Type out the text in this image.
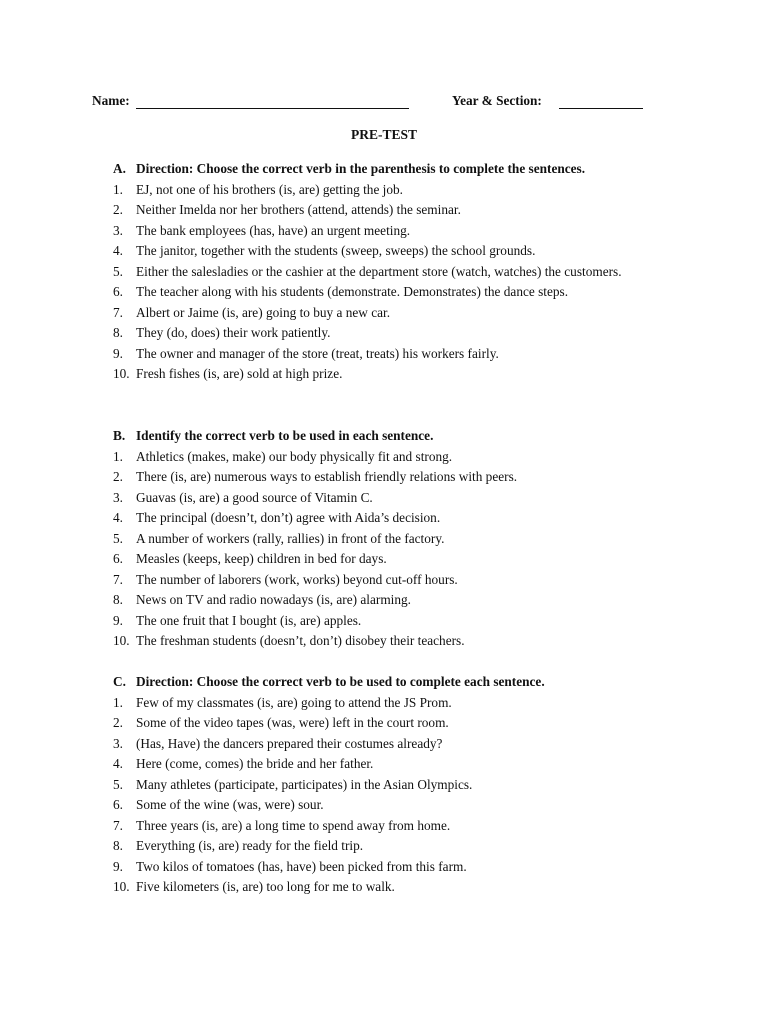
Name:	Year & Section:
PRE-TEST
A. Direction: Choose the correct verb in the parenthesis to complete the sentences.
1. EJ, not one of his brothers (is, are) getting the job.
2. Neither Imelda nor her brothers (attend, attends) the seminar.
3. The bank employees (has, have) an urgent meeting.
4. The janitor, together with the students (sweep, sweeps) the school grounds.
5. Either the salesladies or the cashier at the department store (watch, watches) the customers.
6. The teacher along with his students (demonstrate. Demonstrates) the dance steps.
7. Albert or Jaime (is, are) going to buy a new car.
8. They (do, does) their work patiently.
9. The owner and manager of the store (treat, treats) his workers fairly.
10. Fresh fishes (is, are) sold at high prize.
B. Identify the correct verb to be used in each sentence.
1. Athletics (makes, make) our body physically fit and strong.
2. There (is, are) numerous ways to establish friendly relations with peers.
3. Guavas (is, are) a good source of Vitamin C.
4. The principal (doesn’t, don’t) agree with Aida’s decision.
5. A number of workers (rally, rallies) in front of the factory.
6. Measles (keeps, keep) children in bed for days.
7. The number of laborers (work, works) beyond cut-off hours.
8. News on TV and radio nowadays (is, are) alarming.
9. The one fruit that I bought (is, are) apples.
10. The freshman students (doesn’t, don’t) disobey their teachers.
C. Direction: Choose the correct verb to be used to complete each sentence.
1. Few of my classmates (is, are) going to attend the JS Prom.
2. Some of the video tapes (was, were) left in the court room.
3. (Has, Have) the dancers prepared their costumes already?
4. Here (come, comes) the bride and her father.
5. Many athletes (participate, participates) in the Asian Olympics.
6. Some of the wine (was, were) sour.
7. Three years (is, are) a long time to spend away from home.
8. Everything (is, are) ready for the field trip.
9. Two kilos of tomatoes (has, have) been picked from this farm.
10. Five kilometers (is, are) too long for me to walk.
